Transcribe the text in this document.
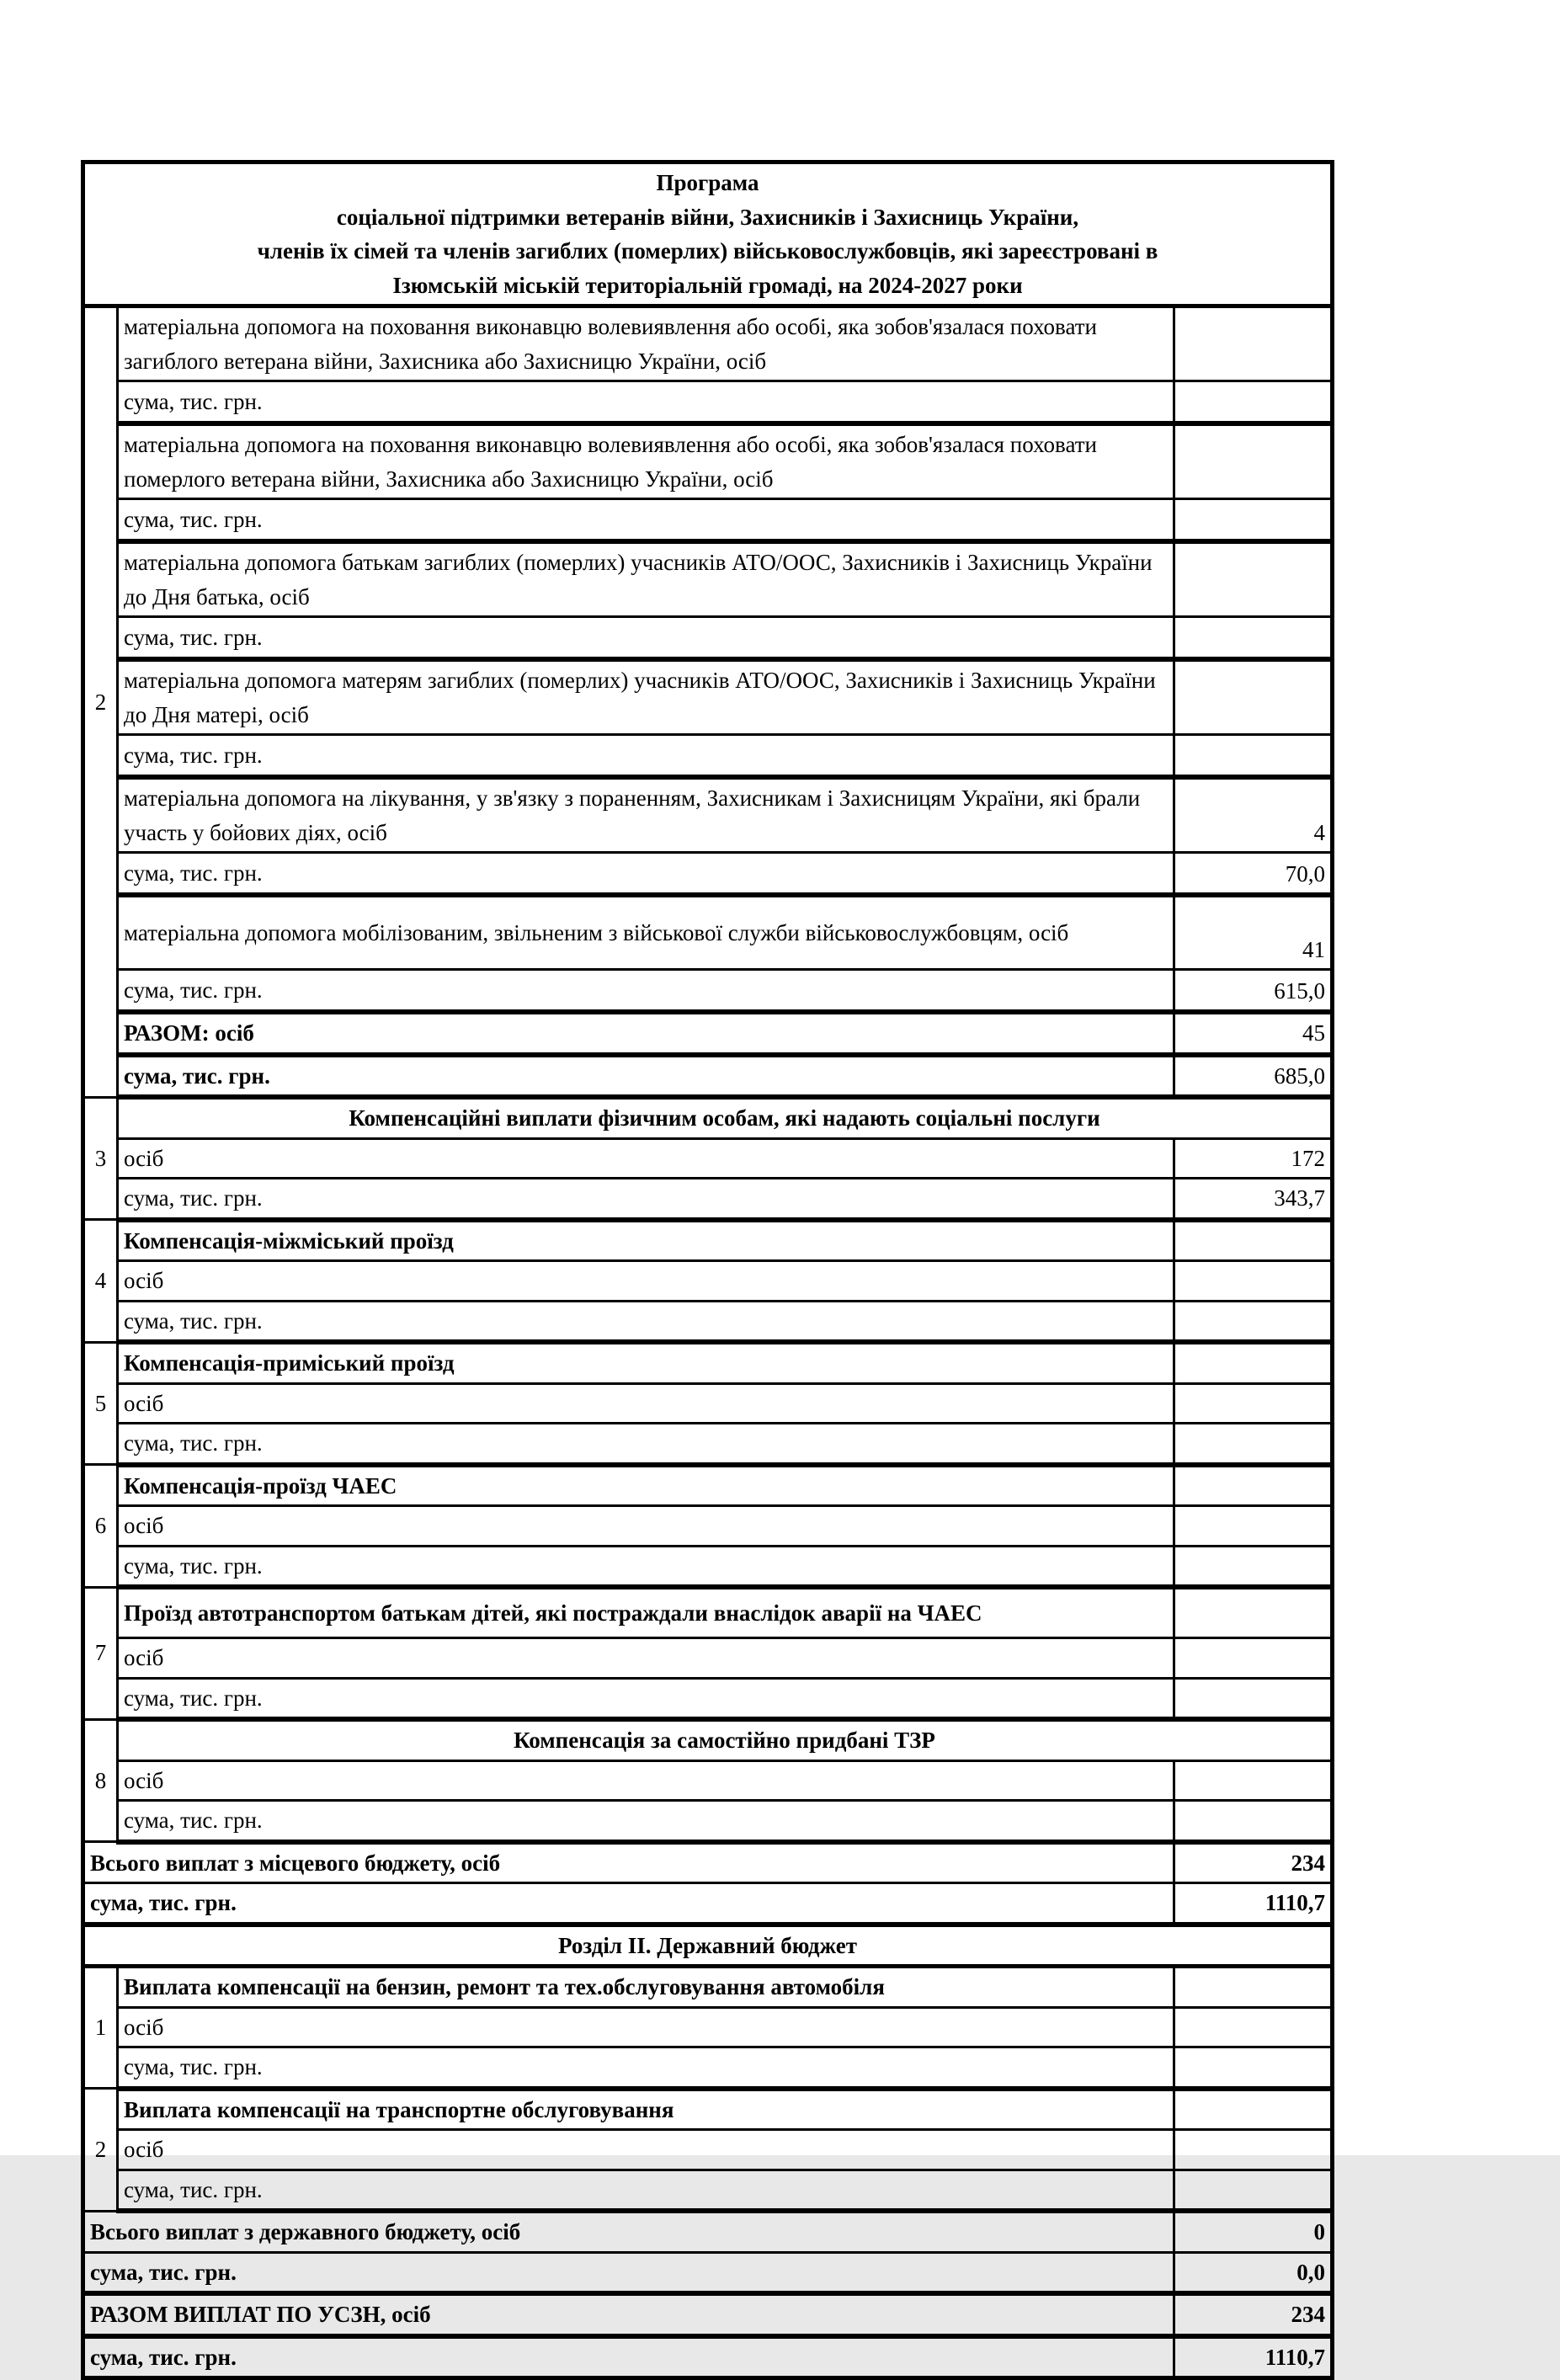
Програма
соціальної підтримки ветеранів війни, Захисників і Захисниць України,
членів їх сімей та членів загиблих (померлих) військовослужбовців, які зареєстровані в
Ізюмській міській територіальній громаді, на 2024-2027 роки		

2	матеріальна допомога на поховання виконавцю волевиявлення або особі, яка зобов'язалася поховати загиблого ветерана війни, Захисника або Захисницю України, осіб	
	сума, тис. грн.	
	матеріальна допомога на поховання виконавцю волевиявлення або особі, яка зобов'язалася поховати померлого ветерана війни, Захисника або Захисницю України, осіб	
	сума, тис. грн.	
	матеріальна допомога батькам загиблих (померлих) учасників АТО/ООС, Захисників і Захисниць України до Дня батька, осіб	
	сума, тис. грн.	
	матеріальна допомога матерям загиблих (померлих) учасників АТО/ООС, Захисників і Захисниць України до Дня матері, осіб	
	сума, тис. грн.	
	матеріальна допомога на лікування, у зв'язку з пораненням, Захисникам і Захисницям України, які брали участь у бойових діях, осіб	4
	сума, тис. грн.	70,0
	матеріальна допомога мобілізованим, звільненим з військової служби військовослужбовцям, осіб	41
	сума, тис. грн.	615,0
	РАЗОМ: осіб	45
	сума, тис. грн.	685,0
3	Компенсаційні виплати фізичним особам, які надають соціальні послуги	
	осіб	172
	сума, тис. грн.	343,7
4	Компенсація-міжміський проїзд	
	осіб	
	сума, тис. грн.	
5	Компенсація-приміський проїзд	
	осіб	
	сума, тис. грн.	
6	Компенсація-проїзд ЧАЕС	
	осіб	
	сума, тис. грн.	
7	Проїзд автотранспортом батькам дітей, які постраждали внаслідок аварії на ЧАЕС	
	осіб	
	сума, тис. грн.	
8	Компенсація за самостійно придбані ТЗР	
	осіб	
	сума, тис. грн.	
Всього виплат з місцевого бюджету, осіб		234
сума, тис. грн.		1110,7
Розділ ІІ. Державний бюджет		
1	Виплата компенсації на бензин, ремонт та тех.обслуговування автомобіля	
	осіб	
	сума, тис. грн.	
2	Виплата компенсації на транспортне обслуговування	
	осіб	
	сума, тис. грн.	
Всього виплат з державного бюджету, осіб		0
сума, тис. грн.		0,0
РАЗОМ ВИПЛАТ ПО УСЗН, осіб		234
сума, тис. грн.		1110,7
